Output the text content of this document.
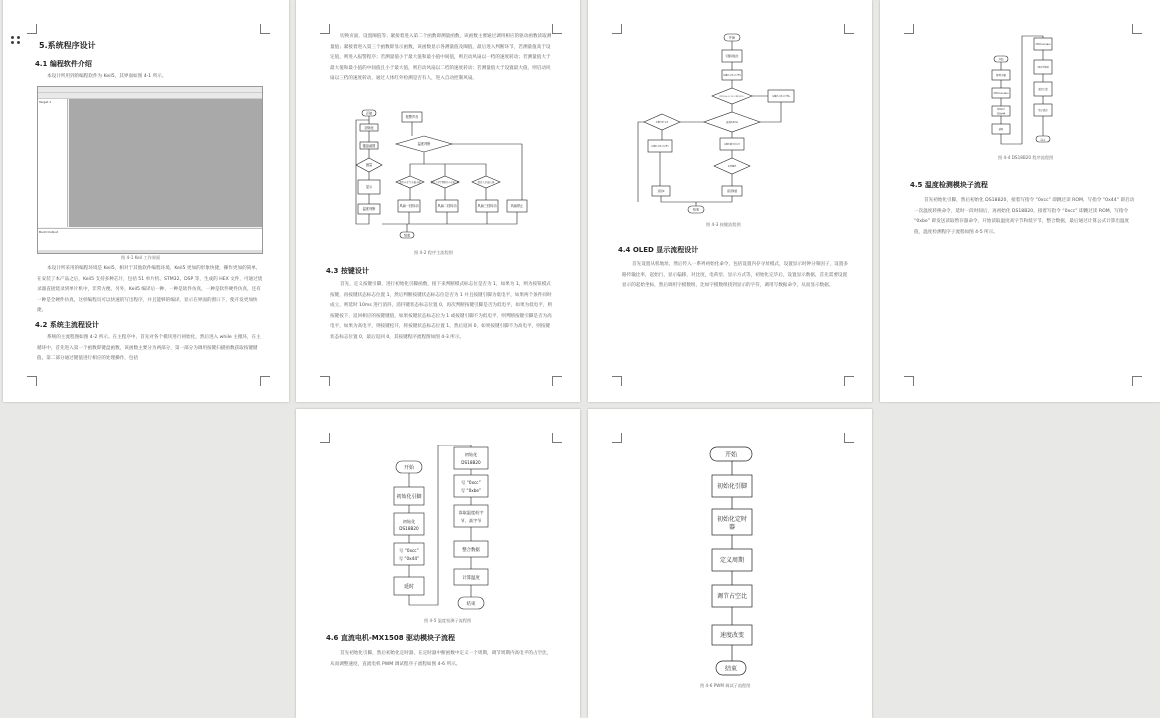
5.系统程序设计
4.1 编程软件介绍
本设计所用到的编程软件为 Keil5，其界面如图 4-1 所示。
Target 1
Build Output
图 4-1 Keil 工作界面
本设计所采用的编程环境是 Keil5，相对于其他软件编程环境，Keil5 更加的形象快捷，操作更加的简单，在安装了本产品之后，Keil5 支持多种芯片，包括 51 单片机、STM32、DSP 等，生成的 HEX 文件，可通过烧录器直接烧录到单片机中，非常方便。另外，Keil5 编译后一种、一种是软件仿真，一种是软件硬件仿真，还有一种是全硬件仿真，这样编程员可以快速的写出程序，并且能够的编译，显示在界面的窗口下，使开发更加快捷。
4.2 系统主流程设计
系统的主流程图如图 4-2 所示。在主程序中，首先对各个模块进行初始化，然后进入 while 主循环，在主循环中，首先进入第一个函数即键盘函数，该函数主要分为两部分，第一部分为调用按键扫描函数获取按键键值，第二部分通过键值进行相应的处理操作，包括
切换页面，设置阈值等；紧接着进入第二个函数即测量函数，该函数主要通过调用相应的驱动函数读取测量值；紧接着进入第三个函数即显示函数，该函数显示各测量值及阈值，最后进入判断环节，若测量值高于设定值，则进入报警程序；若测量值小于最大值和最小值中间值，则启动风扇以一档的速度转动；若测量值大于最大值和最小值的中间值且小于最大值，则启动风扇以二档的速度转动；若测量值大于设置最大值，则启动风扇以三档的速度转动，通过人体红外检测是否有人，进入自动控制风扇。
开始
初始化
键盘函数
测量
显示
温度判断
报警声音
温度判断
温度小于等于最小值	温度大于中间值且小于最大值	温度大于最大值
风扇一档转动	风扇二档转动	风扇三档转动	风扇停止
结束
图 4-2 程序主流程图
4.3 按键设计
首先，定义按键引脚，进行初始化引脚函数，接下来判断模式标志位是否为 1，如果为 1，则为按钮模式按键，再按键状态标志位置 1，然后判断按键状态标志位是否为 1 并且按键引脚为低电平，如果两个条件同时成立，则延时 10ms 进行消抖，消抖键状态标志位置 0，再次判断按键引脚是否为低电平，如果为低电平，则按键按下，返回相应的按键键值，如果按键状态标志位为 1 或按键引脚不为低电平，则判断按键引脚是否为高电平，如果为高电平，则按键松开，将按键状态标志位置 1，然后返回 0，如果按键引脚不为高电平，则按键状态标志位置 0，最后返回 0，其按键程序流程图如图 4-3 所示。
开始
引脚初始化
按键状态标志位置1
按键状态标志位为1且引脚为低电平	按键状态标志位置0
延时10ms
引脚为低电平
按键状态标志位置1
按键引脚为高电平
返回键值
返回0	返回键值
结束
图 4-3 按键流程图
4.4 OLED 显示流程设计
首先设置从机地址，然后传入一系列初始化命令，包括设置内存寻址模式，设置显示时钟分频因子，设置多路传输比率，起始行，显示偏移，对比度，电荷泵，显示方式等，初始化完毕后，设置显示数据，首先需要设置显示的起始坐标，然后调用字模数组，比如字模数组找到显示的字符，调用写数据命令，从而显示数据。
开始
配置引脚
初始化DS18B20
写0xcc
写0x44
延时
初始化DS18B20
读取温度数据
温度计算
显示温度
结束
图 4-4 DS18B20 程序流程图
4.5 温度检测模块子流程
首先初始化引脚，然后初始化 DS18B20，接着写指令 “0xcc” 即跳过读 ROM，写指令 “0x44” 即启动一次温度转换命令，延时一段时间后，再初始化 DS18B20，接着写指令 “0xcc” 即跳过读 ROM，写指令 “0xbe” 即发送读取暂存器命令，开始读取温度高字节和低字节，整合数据，最后通过计算公式计算出温度值，温度检测程序子流程如图 4-5 所示。
开始
初始化引脚
初始化
DS18B20
写 “0xcc”
写 “0x44”
延时
初始化
DS18B20
写 “0xcc”
写 “0xbe”
读取温度低字
节、高字节
整合数据
计算温度
结束
图 4-5 温度检测子流程图
4.6 直流电机-MX1508 驱动模块子流程
首先初始化引脚，然后初始化定时器，在定时器中断函数中定义一个周期，调节周期内高电平的占空比，从而调整速度，直流电机 PWM 调试程序子流程如图 4-6 所示。
开始
初始化引脚
初始化定时
器
定义周期
调节占空比
速度改变
结束
图 4-6 PWM 调试子流程图
